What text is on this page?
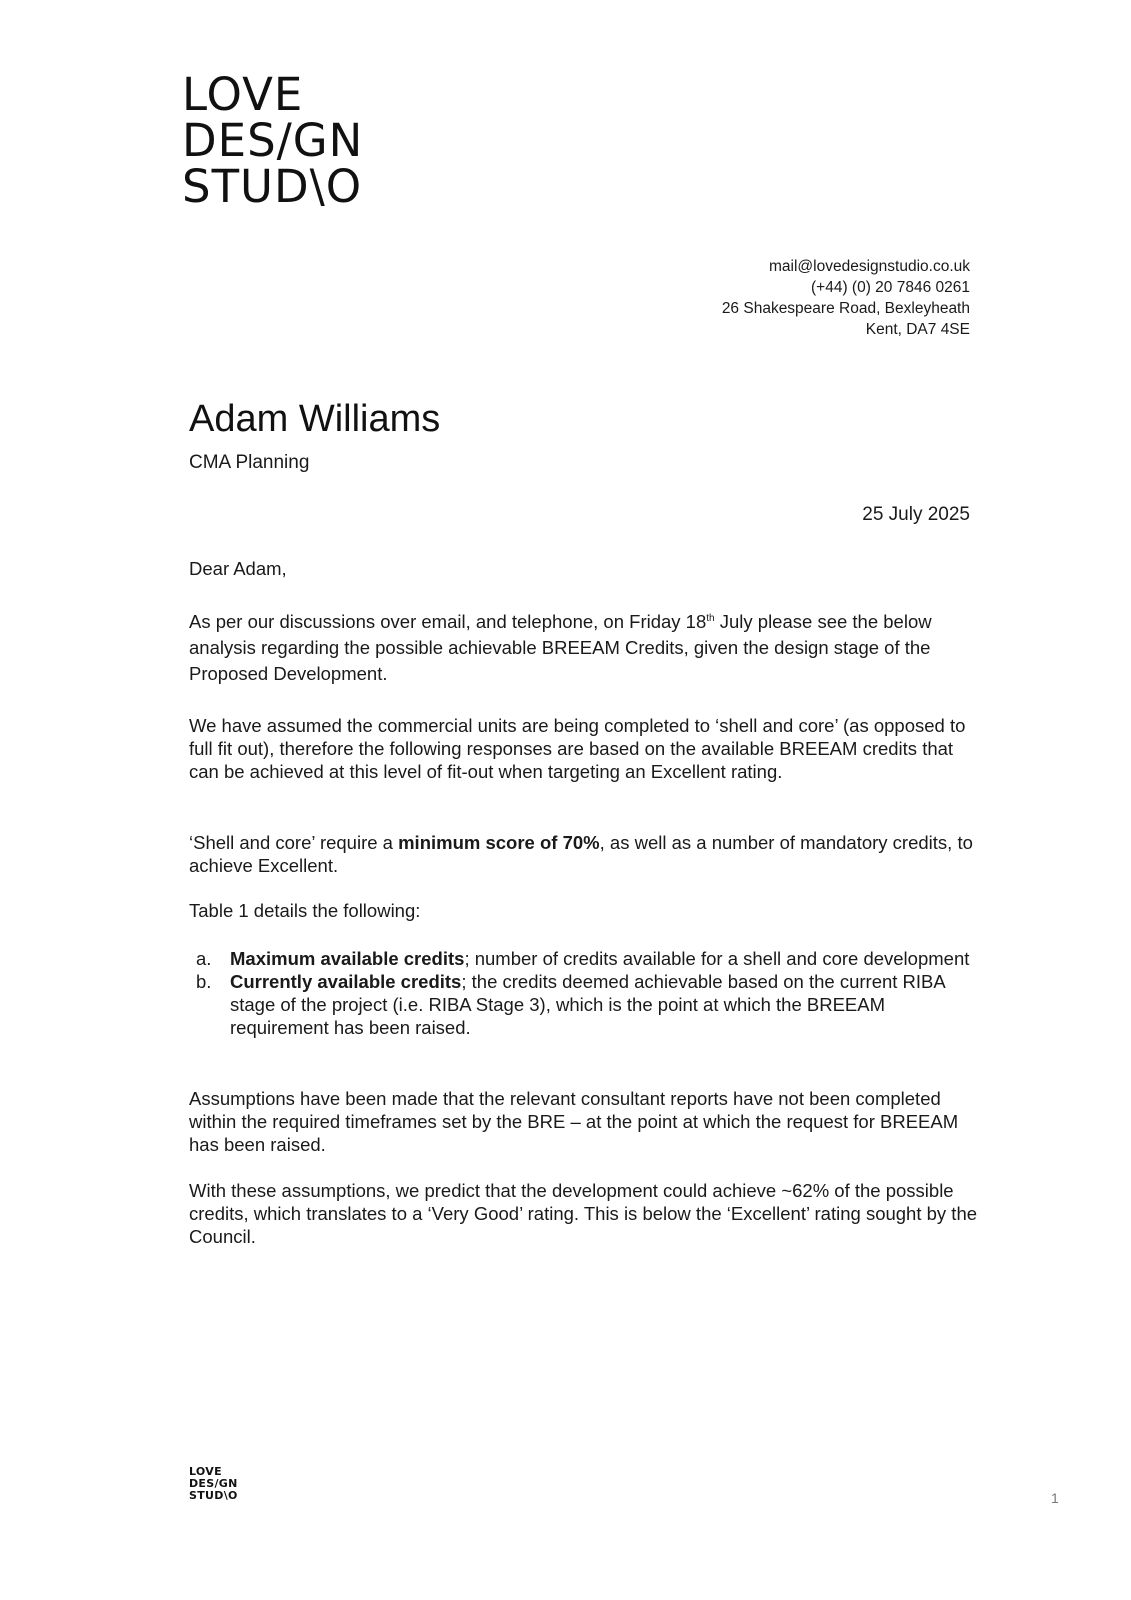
LOVE
DES/GN
STUD\O
mail@lovedesignstudio.co.uk
(+44) (0) 20 7846 0261
26 Shakespeare Road, Bexleyheath
Kent, DA7 4SE
Adam Williams
CMA Planning
25 July 2025

Dear Adam,

As per our discussions over email, and telephone, on Friday 18th July please see the below analysis regarding the possible achievable BREEAM Credits, given the design stage of the Proposed Development.

We have assumed the commercial units are being completed to ‘shell and core’ (as opposed to full fit out), therefore the following responses are based on the available BREEAM credits that can be achieved at this level of fit-out when targeting an Excellent rating.

‘Shell and core’ require a minimum score of 70%, as well as a number of mandatory credits, to achieve Excellent.

Table 1 details the following:

a. Maximum available credits; number of credits available for a shell and core development
b. Currently available credits; the credits deemed achievable based on the current RIBA stage of the project (i.e. RIBA Stage 3), which is the point at which the BREEAM requirement has been raised.

Assumptions have been made that the relevant consultant reports have not been completed within the required timeframes set by the BRE – at the point at which the request for BREEAM has been raised.

With these assumptions, we predict that the development could achieve ~62% of the possible credits, which translates to a ‘Very Good’ rating. This is below the ‘Excellent’ rating sought by the Council.

LOVE
DES/GN
STUD\O	1
